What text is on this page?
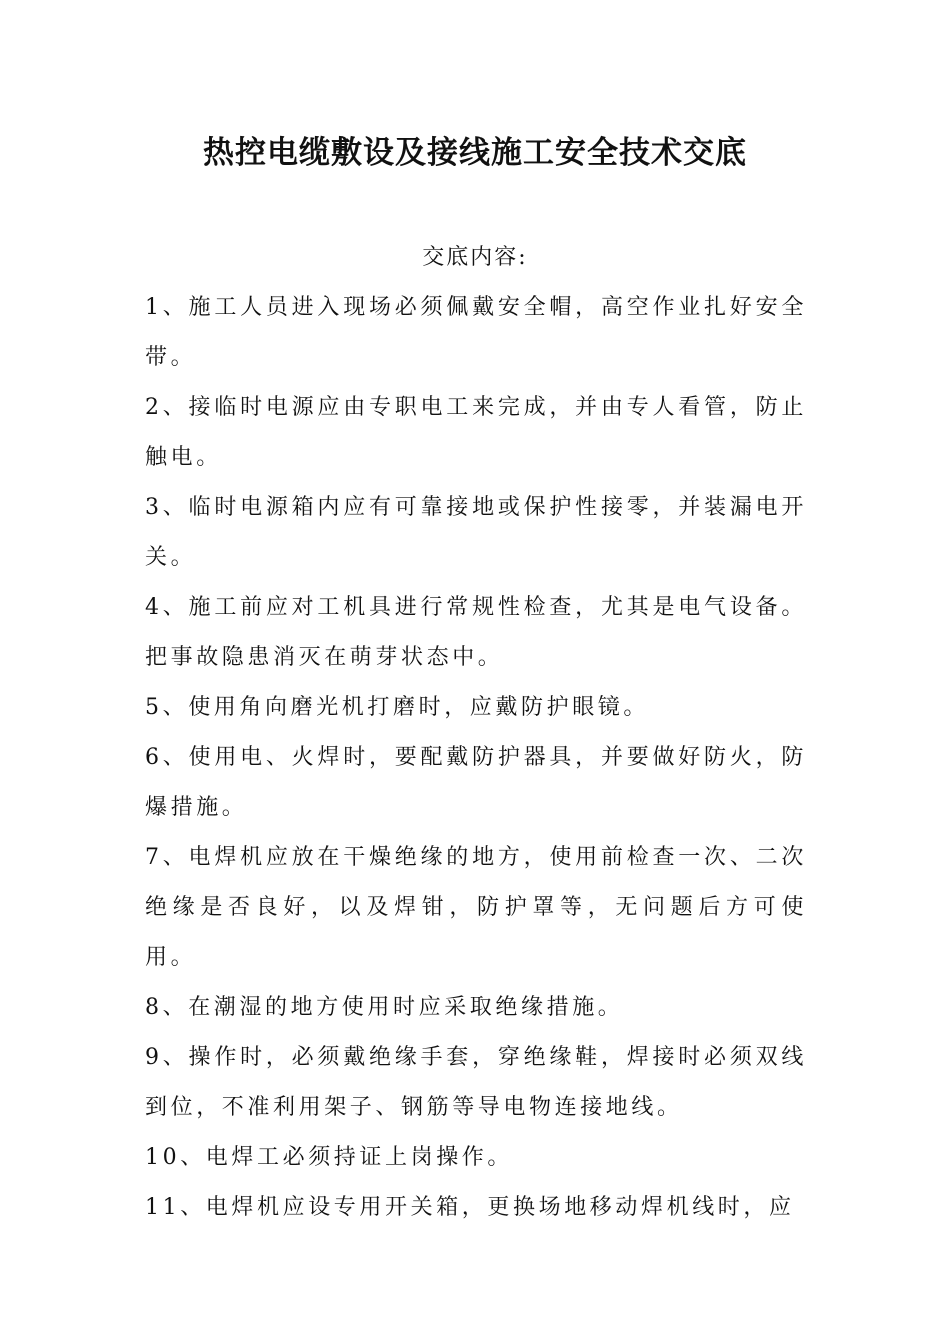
热控电缆敷设及接线施工安全技术交底

交底内容:

1、施工人员进入现场必须佩戴安全帽，高空作业扎好安全带。

2、接临时电源应由专职电工来完成，并由专人看管，防止触电。

3、临时电源箱内应有可靠接地或保护性接零，并装漏电开关。

4、施工前应对工机具进行常规性检查，尤其是电气设备。把事故隐患消灭在萌芽状态中。

5、使用角向磨光机打磨时，应戴防护眼镜。

6、使用电、火焊时，要配戴防护器具，并要做好防火，防爆措施。

7、电焊机应放在干燥绝缘的地方，使用前检查一次、二次绝缘是否良好，以及焊钳，防护罩等，无问题后方可使用。

8、在潮湿的地方使用时应采取绝缘措施。

9、操作时，必须戴绝缘手套，穿绝缘鞋，焊接时必须双线到位，不准利用架子、钢筋等导电物连接地线。

10、电焊工必须持证上岗操作。

11、电焊机应设专用开关箱，更换场地移动焊机线时，应
